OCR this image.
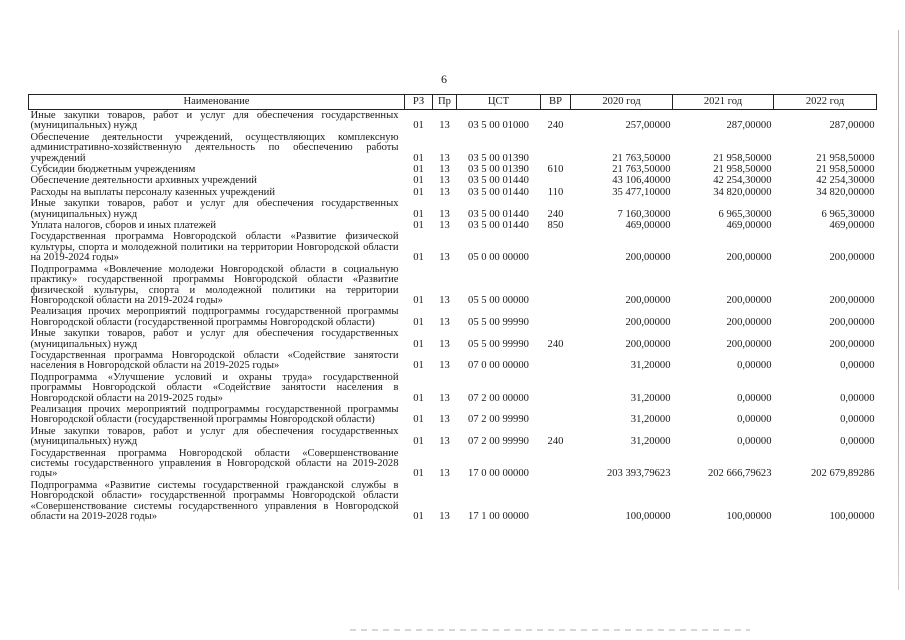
6
Наименование	РЗ	Пр	ЦСТ	ВР	2020 год	2021 год	2022 год
Иные закупки товаров, работ и услуг для обеспечения государственных (муниципальных) нужд	01	13	03 5 00 01000	240	257,00000	287,00000	287,00000
Обеспечение деятельности учреждений, осуществляющих комплексную административно-хозяйственную деятельность по обеспечению работы учреждений	01	13	03 5 00 01390		21 763,50000	21 958,50000	21 958,50000
Субсидии бюджетным учреждениям	01	13	03 5 00 01390	610	21 763,50000	21 958,50000	21 958,50000
Обеспечение деятельности архивных учреждений	01	13	03 5 00 01440		43 106,40000	42 254,30000	42 254,30000
Расходы на выплаты персоналу казенных учреждений	01	13	03 5 00 01440	110	35 477,10000	34 820,00000	34 820,00000
Иные закупки товаров, работ и услуг для обеспечения государственных (муниципальных) нужд	01	13	03 5 00 01440	240	7 160,30000	6 965,30000	6 965,30000
Уплата налогов, сборов и иных платежей	01	13	03 5 00 01440	850	469,00000	469,00000	469,00000
Государственная программа Новгородской области «Развитие физической культуры, спорта и молодежной политики на территории Новгородской области на 2019-2024 годы»	01	13	05 0 00 00000		200,00000	200,00000	200,00000
Подпрограмма «Вовлечение молодежи Новгородской области в социальную практику» государственной программы Новгородской области «Развитие физической культуры, спорта и молодежной политики на территории Новгородской области на 2019-2024 годы»	01	13	05 5 00 00000		200,00000	200,00000	200,00000
Реализация прочих мероприятий подпрограммы государственной программы Новгородской области (государственной программы Новгородской области)	01	13	05 5 00 99990		200,00000	200,00000	200,00000
Иные закупки товаров, работ и услуг для обеспечения государственных (муниципальных) нужд	01	13	05 5 00 99990	240	200,00000	200,00000	200,00000
Государственная программа Новгородской области «Содействие занятости населения в Новгородской области на 2019-2025 годы»	01	13	07 0 00 00000		31,20000	0,00000	0,00000
Подпрограмма «Улучшение условий и охраны труда» государственной программы Новгородской области «Содействие занятости населения в Новгородской области на 2019-2025 годы»	01	13	07 2 00 00000		31,20000	0,00000	0,00000
Реализация прочих мероприятий подпрограммы государственной программы Новгородской области (государственной программы Новгородской области)	01	13	07 2 00 99990		31,20000	0,00000	0,00000
Иные закупки товаров, работ и услуг для обеспечения государственных (муниципальных) нужд	01	13	07 2 00 99990	240	31,20000	0,00000	0,00000
Государственная программа Новгородской области «Совершенствование системы государственного управления в Новгородской области на 2019-2028 годы»	01	13	17 0 00 00000		203 393,79623	202 666,79623	202 679,89286
Подпрограмма «Развитие системы государственной гражданской службы в Новгородской области» государственной программы Новгородской области «Совершенствование системы государственного управления в Новгородской области на 2019-2028 годы»	01	13	17 1 00 00000		100,00000	100,00000	100,00000
